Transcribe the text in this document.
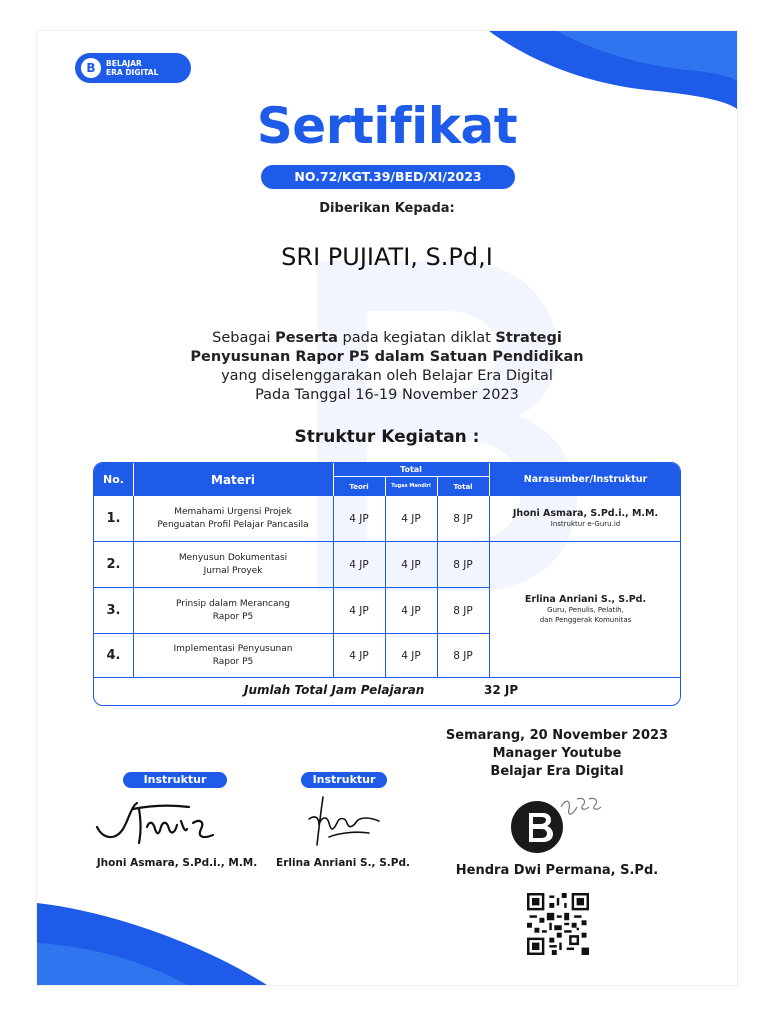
B	BELAJAR
ERA DIGITAL
Sertifikat
NO.72/KGT.39/BED/XI/2023
Diberikan Kepada:
SRI PUJIATI, S.Pd,I
Sebagai Peserta pada kegiatan diklat Strategi
Penyusunan Rapor P5 dalam Satuan Pendidikan
yang diselenggarakan oleh Belajar Era Digital
Pada Tanggal 16-19 November 2023
Struktur Kegiatan :
No.	Materi
Total
Teori	Tugas Mandiri	Total
Narasumber/Instruktur
1.	Memahami Urgensi Projek
Penguatan Profil Pelajar Pancasila	4 JP	4 JP	8 JP	Jhoni Asmara, S.Pd.i., M.M.
Instruktur e-Guru.id
2.	Menyusun Dokumentasi
Jurnal Proyek	4 JP	4 JP	8 JP
3.	Prinsip dalam Merancang
Rapor P5	4 JP	4 JP	8 JP
Erlina Anriani S., S.Pd.
Guru, Penulis, Pelatih,
dan Penggerak Komunitas
4.	Implementasi Penyusunan
Rapor P5	4 JP	4 JP	8 JP
Jumlah Total Jam Pelajaran	32 JP
Semarang, 20 November 2023
Manager Youtube
Belajar Era Digital
Instruktur	Instruktur
Jhoni Asmara, S.Pd.i., M.M.	Erlina Anriani S., S.Pd.	Hendra Dwi Permana, S.Pd.
